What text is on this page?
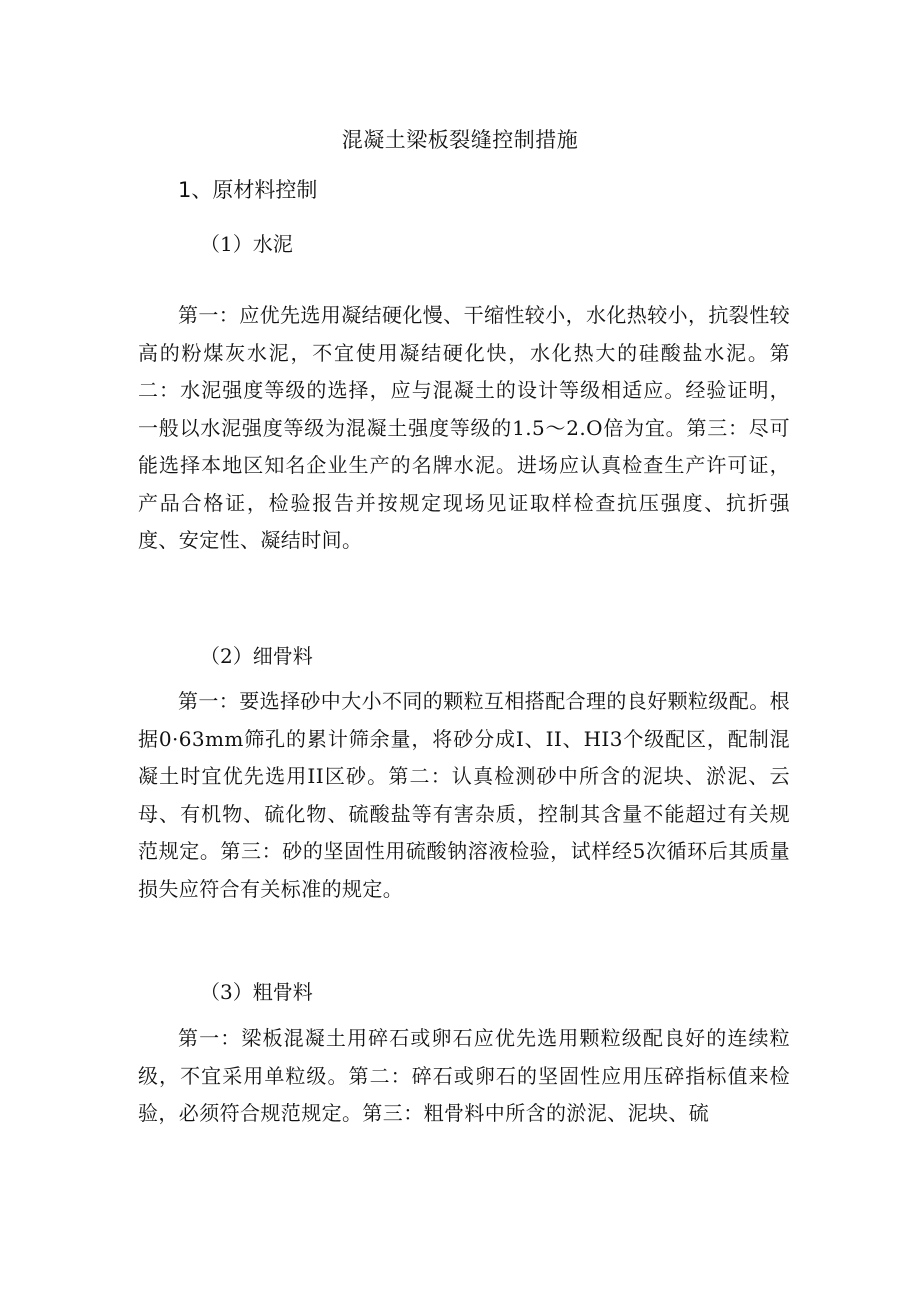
混凝土梁板裂缝控制措施
1、原材料控制
（1）水泥
第一：应优先选用凝结硬化慢、干缩性较小，水化热较小，抗裂性较高的粉煤灰水泥，不宜使用凝结硬化快，水化热大的硅酸盐水泥。第二：水泥强度等级的选择，应与混凝土的设计等级相适应。经验证明，一般以水泥强度等级为混凝土强度等级的1.5～2.O倍为宜。第三：尽可能选择本地区知名企业生产的名牌水泥。进场应认真检查生产许可证，产品合格证，检验报告并按规定现场见证取样检查抗压强度、抗折强度、安定性、凝结时间。
（2）细骨料
第一：要选择砂中大小不同的颗粒互相搭配合理的良好颗粒级配。根据0·63mm筛孔的累计筛余量，将砂分成I、II、HI3个级配区，配制混凝土时宜优先选用II区砂。第二：认真检测砂中所含的泥块、淤泥、云母、有机物、硫化物、硫酸盐等有害杂质，控制其含量不能超过有关规范规定。第三：砂的坚固性用硫酸钠溶液检验，试样经5次循环后其质量损失应符合有关标准的规定。
（3）粗骨料
第一：梁板混凝土用碎石或卵石应优先选用颗粒级配良好的连续粒级，不宜采用单粒级。第二：碎石或卵石的坚固性应用压碎指标值来检验，必须符合规范规定。第三：粗骨料中所含的淤泥、泥块、硫
